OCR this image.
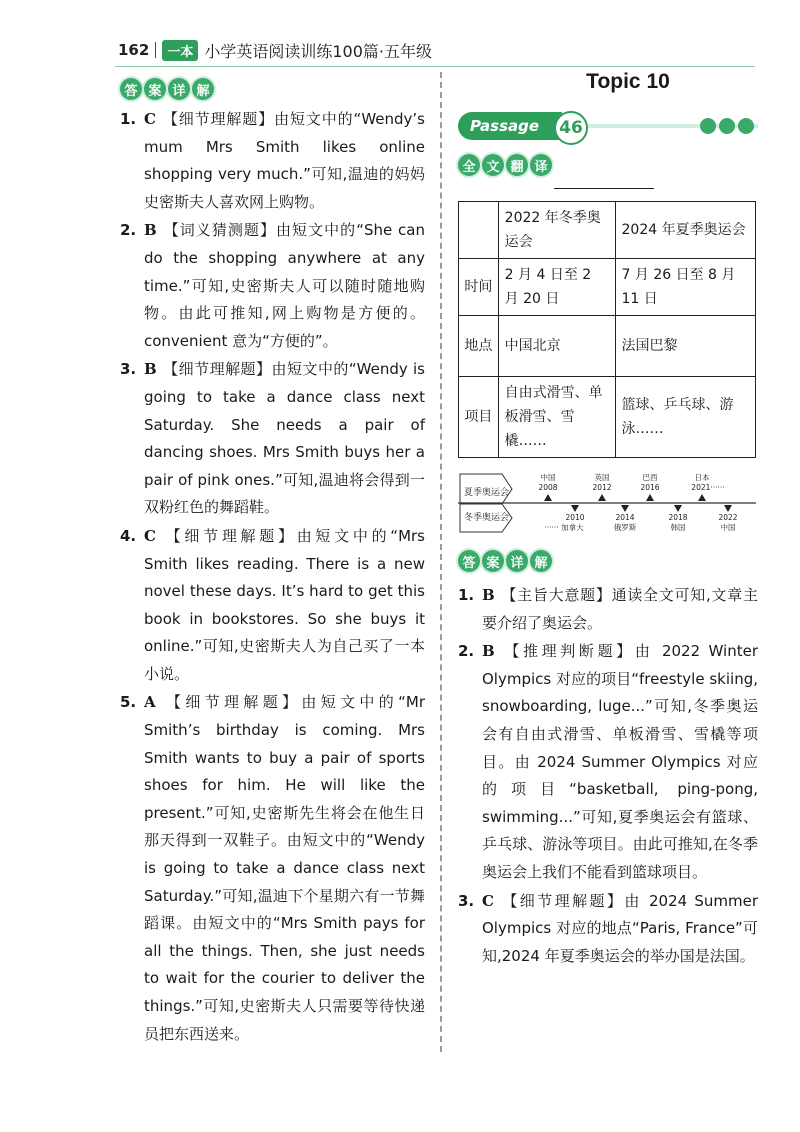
162	一本 小学英语阅读训练100篇·五年级
答 案 详 解
1. C 【细节理解题】由短文中的“Wendy’s mum Mrs Smith likes online shopping very much.”可知,温迪的妈妈史密斯夫人喜欢网上购物。
2. B 【词义猜测题】由短文中的“She can do the shopping anywhere at any time.”可知,史密斯夫人可以随时随地购物。由此可推知,网上购物是方便的。convenient 意为“方便的”。
3. B 【细节理解题】由短文中的“Wendy is going to take a dance class next Saturday. She needs a pair of dancing shoes. Mrs Smith buys her a pair of pink ones.”可知,温迪将会得到一双粉红色的舞蹈鞋。
4. C 【细节理解题】由短文中的“Mrs Smith likes reading. There is a new novel these days. It’s hard to get this book in bookstores. So she buys it online.”可知,史密斯夫人为自己买了一本小说。
5. A 【细节理解题】由短文中的“Mr Smith’s birthday is coming. Mrs Smith wants to buy a pair of sports shoes for him. He will like the present.”可知,史密斯先生将会在他生日那天得到一双鞋子。由短文中的“Wendy is going to take a dance class next Saturday.”可知,温迪下个星期六有一节舞蹈课。由短文中的“Mrs Smith pays for all the things. Then, she just needs to wait for the courier to deliver the things.”可知,史密斯夫人只需要等待快递员把东西送来。
Topic 10
Passage	46
全 文 翻 译
	2022 年冬季奥运会	2024 年夏季奥运会
时间	2 月 4 日至 2 月 20 日	7 月 26 日至 8 月 11 日
地点	中国北京	法国巴黎
项目	自由式滑雪、单板滑雪、雪橇……	篮球、乒乓球、游泳……
夏季奥运会
冬季奥运会
中国
2008
英国
2012
巴西
2016
日本
2021······
2010
······ 加拿大
2014
俄罗斯
2018
韩国
2022
中国
答 案 详 解
1. B 【主旨大意题】通读全文可知,文章主要介绍了奥运会。
2. B 【推理判断题】由 2022 Winter Olympics 对应的项目“freestyle skiing, snowboarding, luge...”可知,冬季奥运会有自由式滑雪、单板滑雪、雪橇等项目。由 2024 Summer Olympics 对应的项目“basketball, ping-pong, swimming...”可知,夏季奥运会有篮球、乒乓球、游泳等项目。由此可推知,在冬季奥运会上我们不能看到篮球项目。
3. C 【细节理解题】由 2024 Summer Olympics 对应的地点“Paris, France”可知,2024 年夏季奥运会的举办国是法国。
